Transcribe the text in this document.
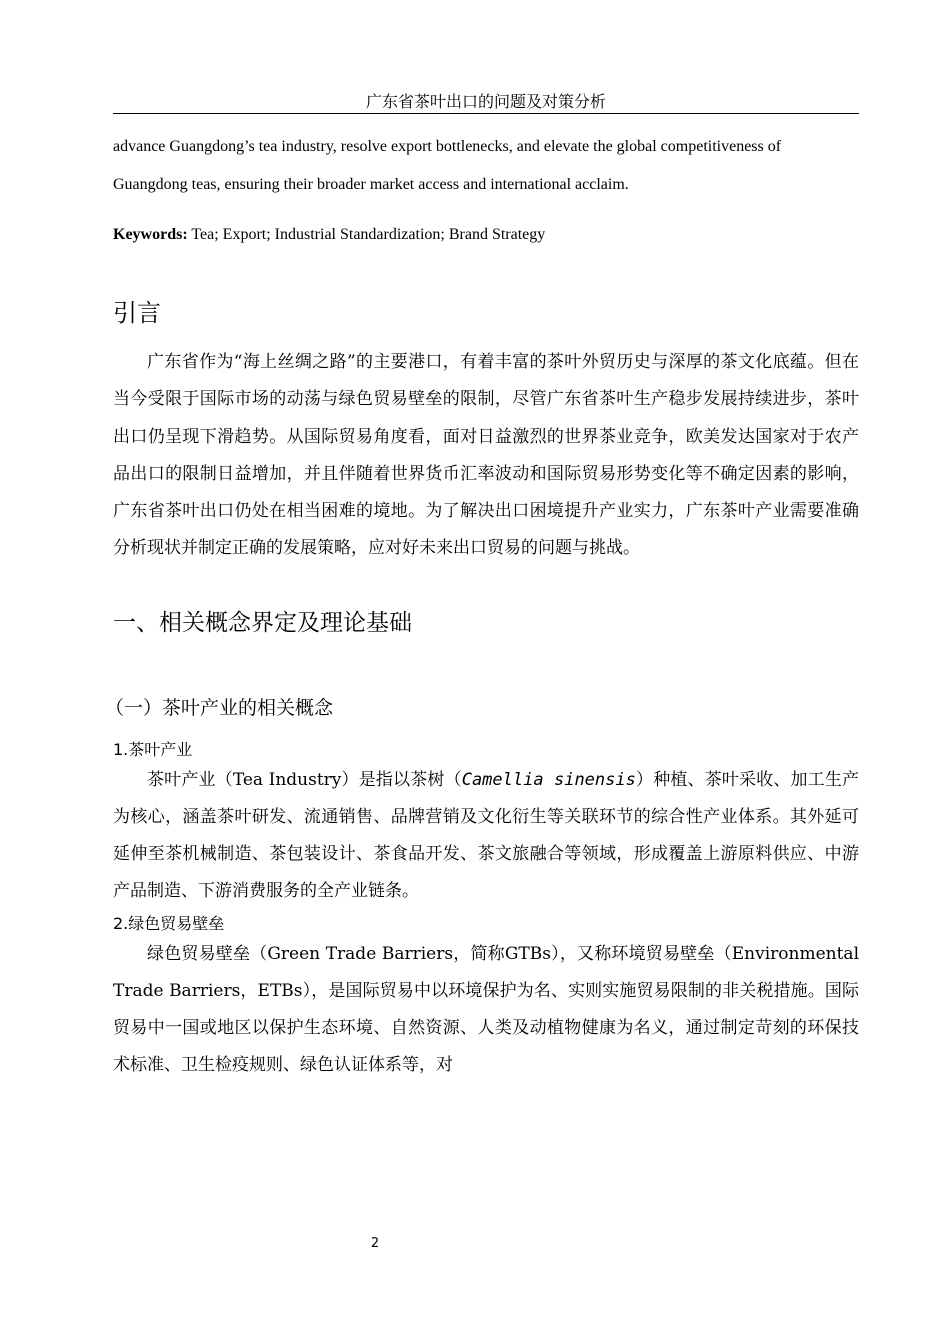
广东省茶叶出口的问题及对策分析

advance Guangdong’s tea industry, resolve export bottlenecks, and elevate the global competitiveness of Guangdong teas, ensuring their broader market access and international acclaim.

Keywords: Tea; Export; Industrial Standardization; Brand Strategy

引言

广东省作为“海上丝绸之路”的主要港口，有着丰富的茶叶外贸历史与深厚的茶文化底蕴。但在当今受限于国际市场的动荡与绿色贸易壁垒的限制，尽管广东省茶叶生产稳步发展持续进步，茶叶出口仍呈现下滑趋势。从国际贸易角度看，面对日益激烈的世界茶业竞争，欧美发达国家对于农产品出口的限制日益增加，并且伴随着世界货币汇率波动和国际贸易形势变化等不确定因素的影响，广东省茶叶出口仍处在相当困难的境地。为了解决出口困境提升产业实力，广东茶叶产业需要准确分析现状并制定正确的发展策略，应对好未来出口贸易的问题与挑战。

一、相关概念界定及理论基础
（一）茶叶产业的相关概念
1.茶叶产业

茶叶产业（Tea Industry）是指以茶树（Camellia sinensis）种植、茶叶采收、加工生产为核心，涵盖茶叶研发、流通销售、品牌营销及文化衍生等关联环节的综合性产业体系。其外延可延伸至茶机械制造、茶包装设计、茶食品开发、茶文旅融合等领域，形成覆盖上游原料供应、中游产品制造、下游消费服务的全产业链条。

2.绿色贸易壁垒

绿色贸易壁垒（Green Trade Barriers，简称GTBs），又称环境贸易壁垒（Environmental Trade Barriers，ETBs），是国际贸易中以环境保护为名、实则实施贸易限制的非关税措施。国际贸易中一国或地区以保护生态环境、自然资源、人类及动植物健康为名义，通过制定苛刻的环保技术标准、卫生检疫规则、绿色认证体系等，对

2
